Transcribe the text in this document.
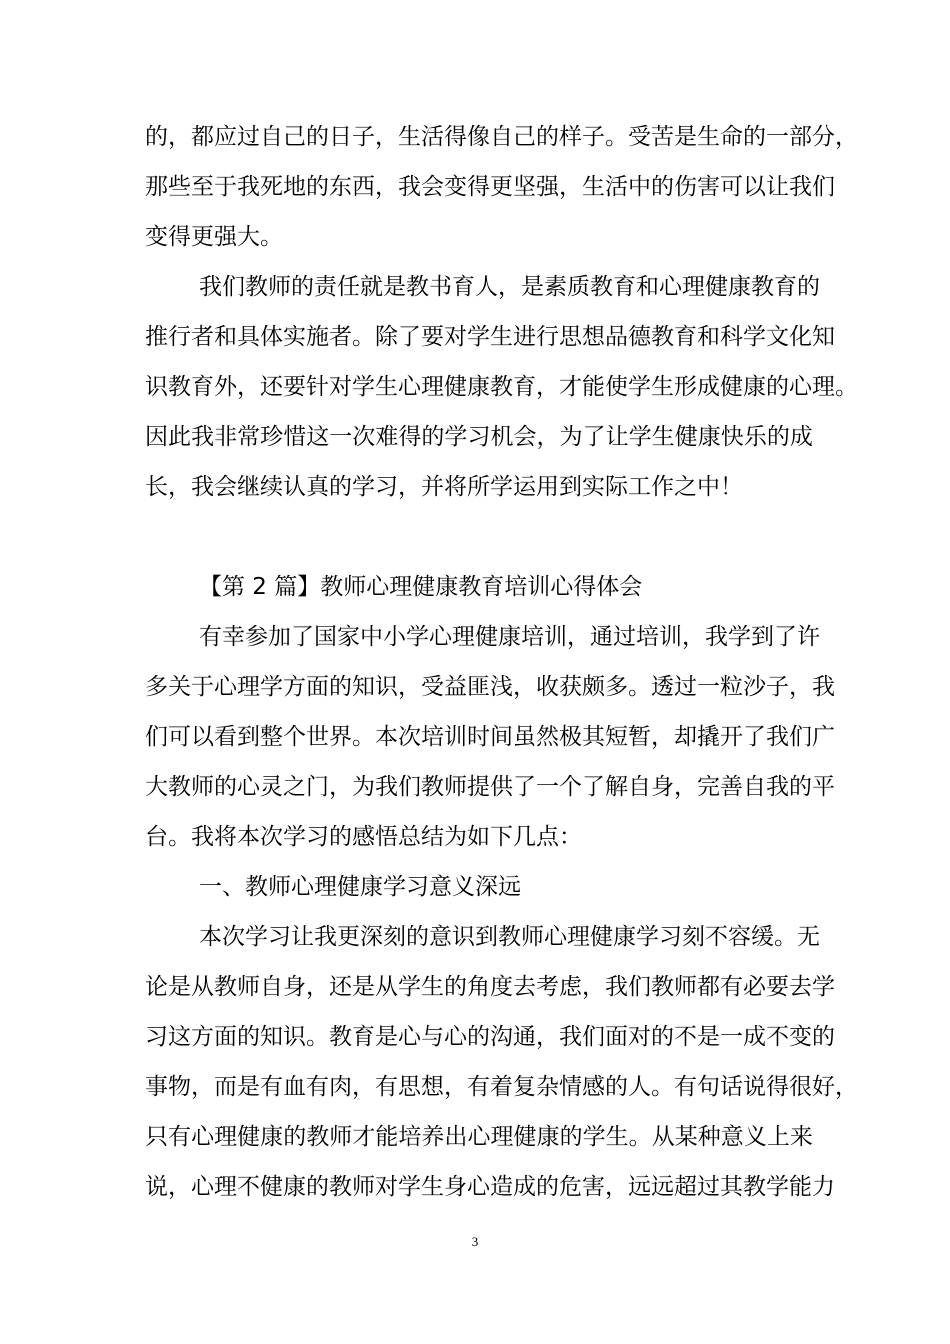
的 ， 都 应 过 自 己 的 日 子 ， 生 活 得 像 自 己 的 样 子 。 受 苦 是 生 命 的 一 部 分 ，
那 些 至 于 我 死 地 的 东 西 ， 我 会 变 得 更 坚 强 ， 生 活 中 的 伤 害 可 以 让 我 们
变得更强大。
我 们 教 师 的 责 任 就 是 教 书 育 人 ， 是 素 质 教 育 和 心 理 健 康 教 育 的
推 行 者 和 具 体 实 施 者 。 除 了 要 对 学 生 进 行 思 想 品 德 教 育 和 科 学 文 化 知
识 教 育 外 ， 还 要 针 对 学 生 心 理 健 康 教 育 ， 才 能 使 学 生 形 成 健 康 的 心 理 。
因 此 我 非 常 珍 惜 这 一 次 难 得 的 学 习 机 会 ， 为 了 让 学 生 健 康 快 乐 的 成
长，我会继续认真的学习，并将所学运用到实际工作之中！
【第 2 篇】教师心理健康教育培训心得体会
有 幸 参 加 了 国 家 中 小 学 心 理 健 康 培 训 ， 通 过 培 训 ， 我 学 到 了 许
多 关 于 心 理 学 方 面 的 知 识 ， 受 益 匪 浅 ， 收 获 颇 多 。 透 过 一 粒 沙 子 ， 我
们 可 以 看 到 整 个 世 界 。 本 次 培 训 时 间 虽 然 极 其 短 暂 ， 却 撬 开 了 我 们 广
大 教 师 的 心 灵 之 门 ， 为 我 们 教 师 提 供 了 一 个 了 解 自 身 ， 完 善 自 我 的 平
台。我将本次学习的感悟总结为如下几点：
一、教师心理健康学习意义深远
本 次 学 习 让 我 更 深 刻 的 意 识 到 教 师 心 理 健 康 学 习 刻 不 容 缓 。 无
论 是 从 教 师 自 身 ， 还 是 从 学 生 的 角 度 去 考 虑 ， 我 们 教 师 都 有 必 要 去 学
习 这 方 面 的 知 识 。 教 育 是 心 与 心 的 沟 通 ， 我 们 面 对 的 不 是 一 成 不 变 的
事 物 ， 而 是 有 血 有 肉 ， 有 思 想 ， 有 着 复 杂 情 感 的 人 。 有 句 话 说 得 很 好 ，
只 有 心 理 健 康 的 教 师 才 能 培 养 出 心 理 健 康 的 学 生 。 从 某 种 意 义 上 来
说，心理不健康的教师对学生身心造成的危害，远远超过其教学能力
3
